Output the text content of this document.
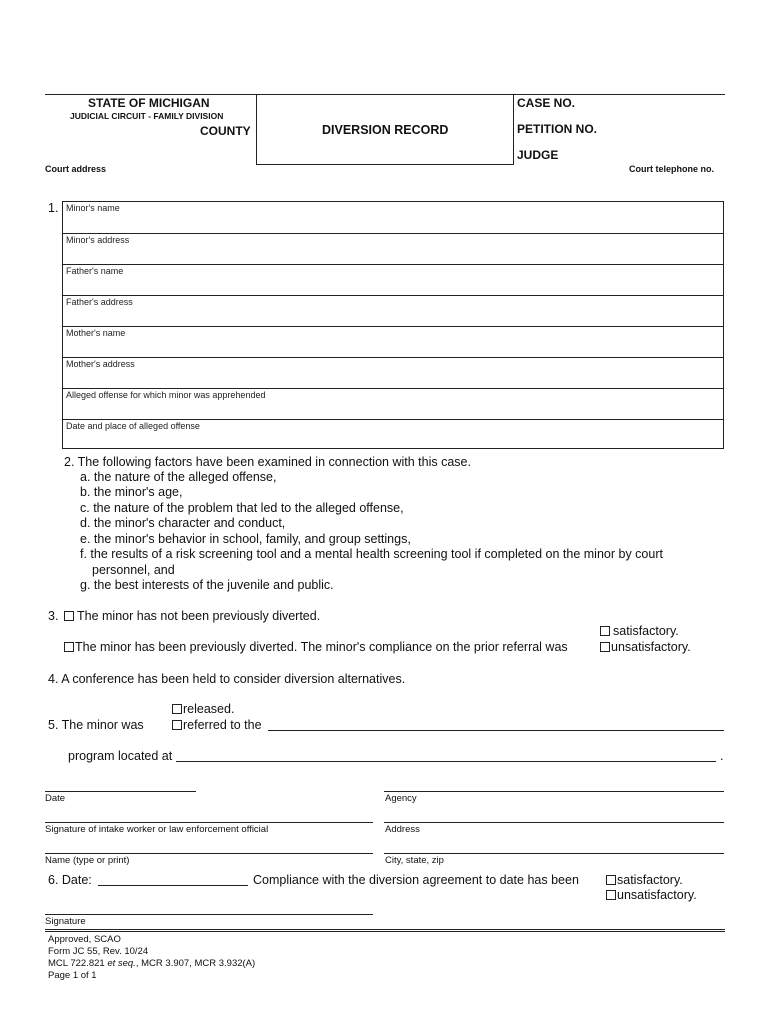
STATE OF MICHIGAN
JUDICIAL CIRCUIT - FAMILY DIVISION
COUNTY	DIVERSION RECORD
CASE NO.
PETITION NO.
JUDGE
Court address	Court telephone no.
1. Minor's name
Minor's address
Father's name
Father's address
Mother's name
Mother's address
Alleged offense for which minor was apprehended
Date and place of alleged offense
2. The following factors have been examined in connection with this case.
a. the nature of the alleged offense,
b. the minor's age,
c. the nature of the problem that led to the alleged offense,
d. the minor's character and conduct,
e. the minor's behavior in school, family, and group settings,
f. the results of a risk screening tool and a mental health screening tool if completed on the minor by court
personnel, and
g. the best interests of the juvenile and public.
3.	The minor has not been previously diverted.
The minor has been previously diverted. The minor's compliance on the prior referral was
satisfactory.
unsatisfactory.
4. A conference has been held to consider diversion alternatives.
5. The minor was
released.
referred to the
program located at	.
Date	Agency
Signature of intake worker or law enforcement official	Address
Name (type or print)	City, state, zip
6. Date:	Compliance with the diversion agreement to date has been	satisfactory.
unsatisfactory.
Signature
Approved, SCAO
Form JC 55, Rev. 10/24
MCL 722.821 et seq., MCR 3.907, MCR 3.932(A)
Page 1 of 1
